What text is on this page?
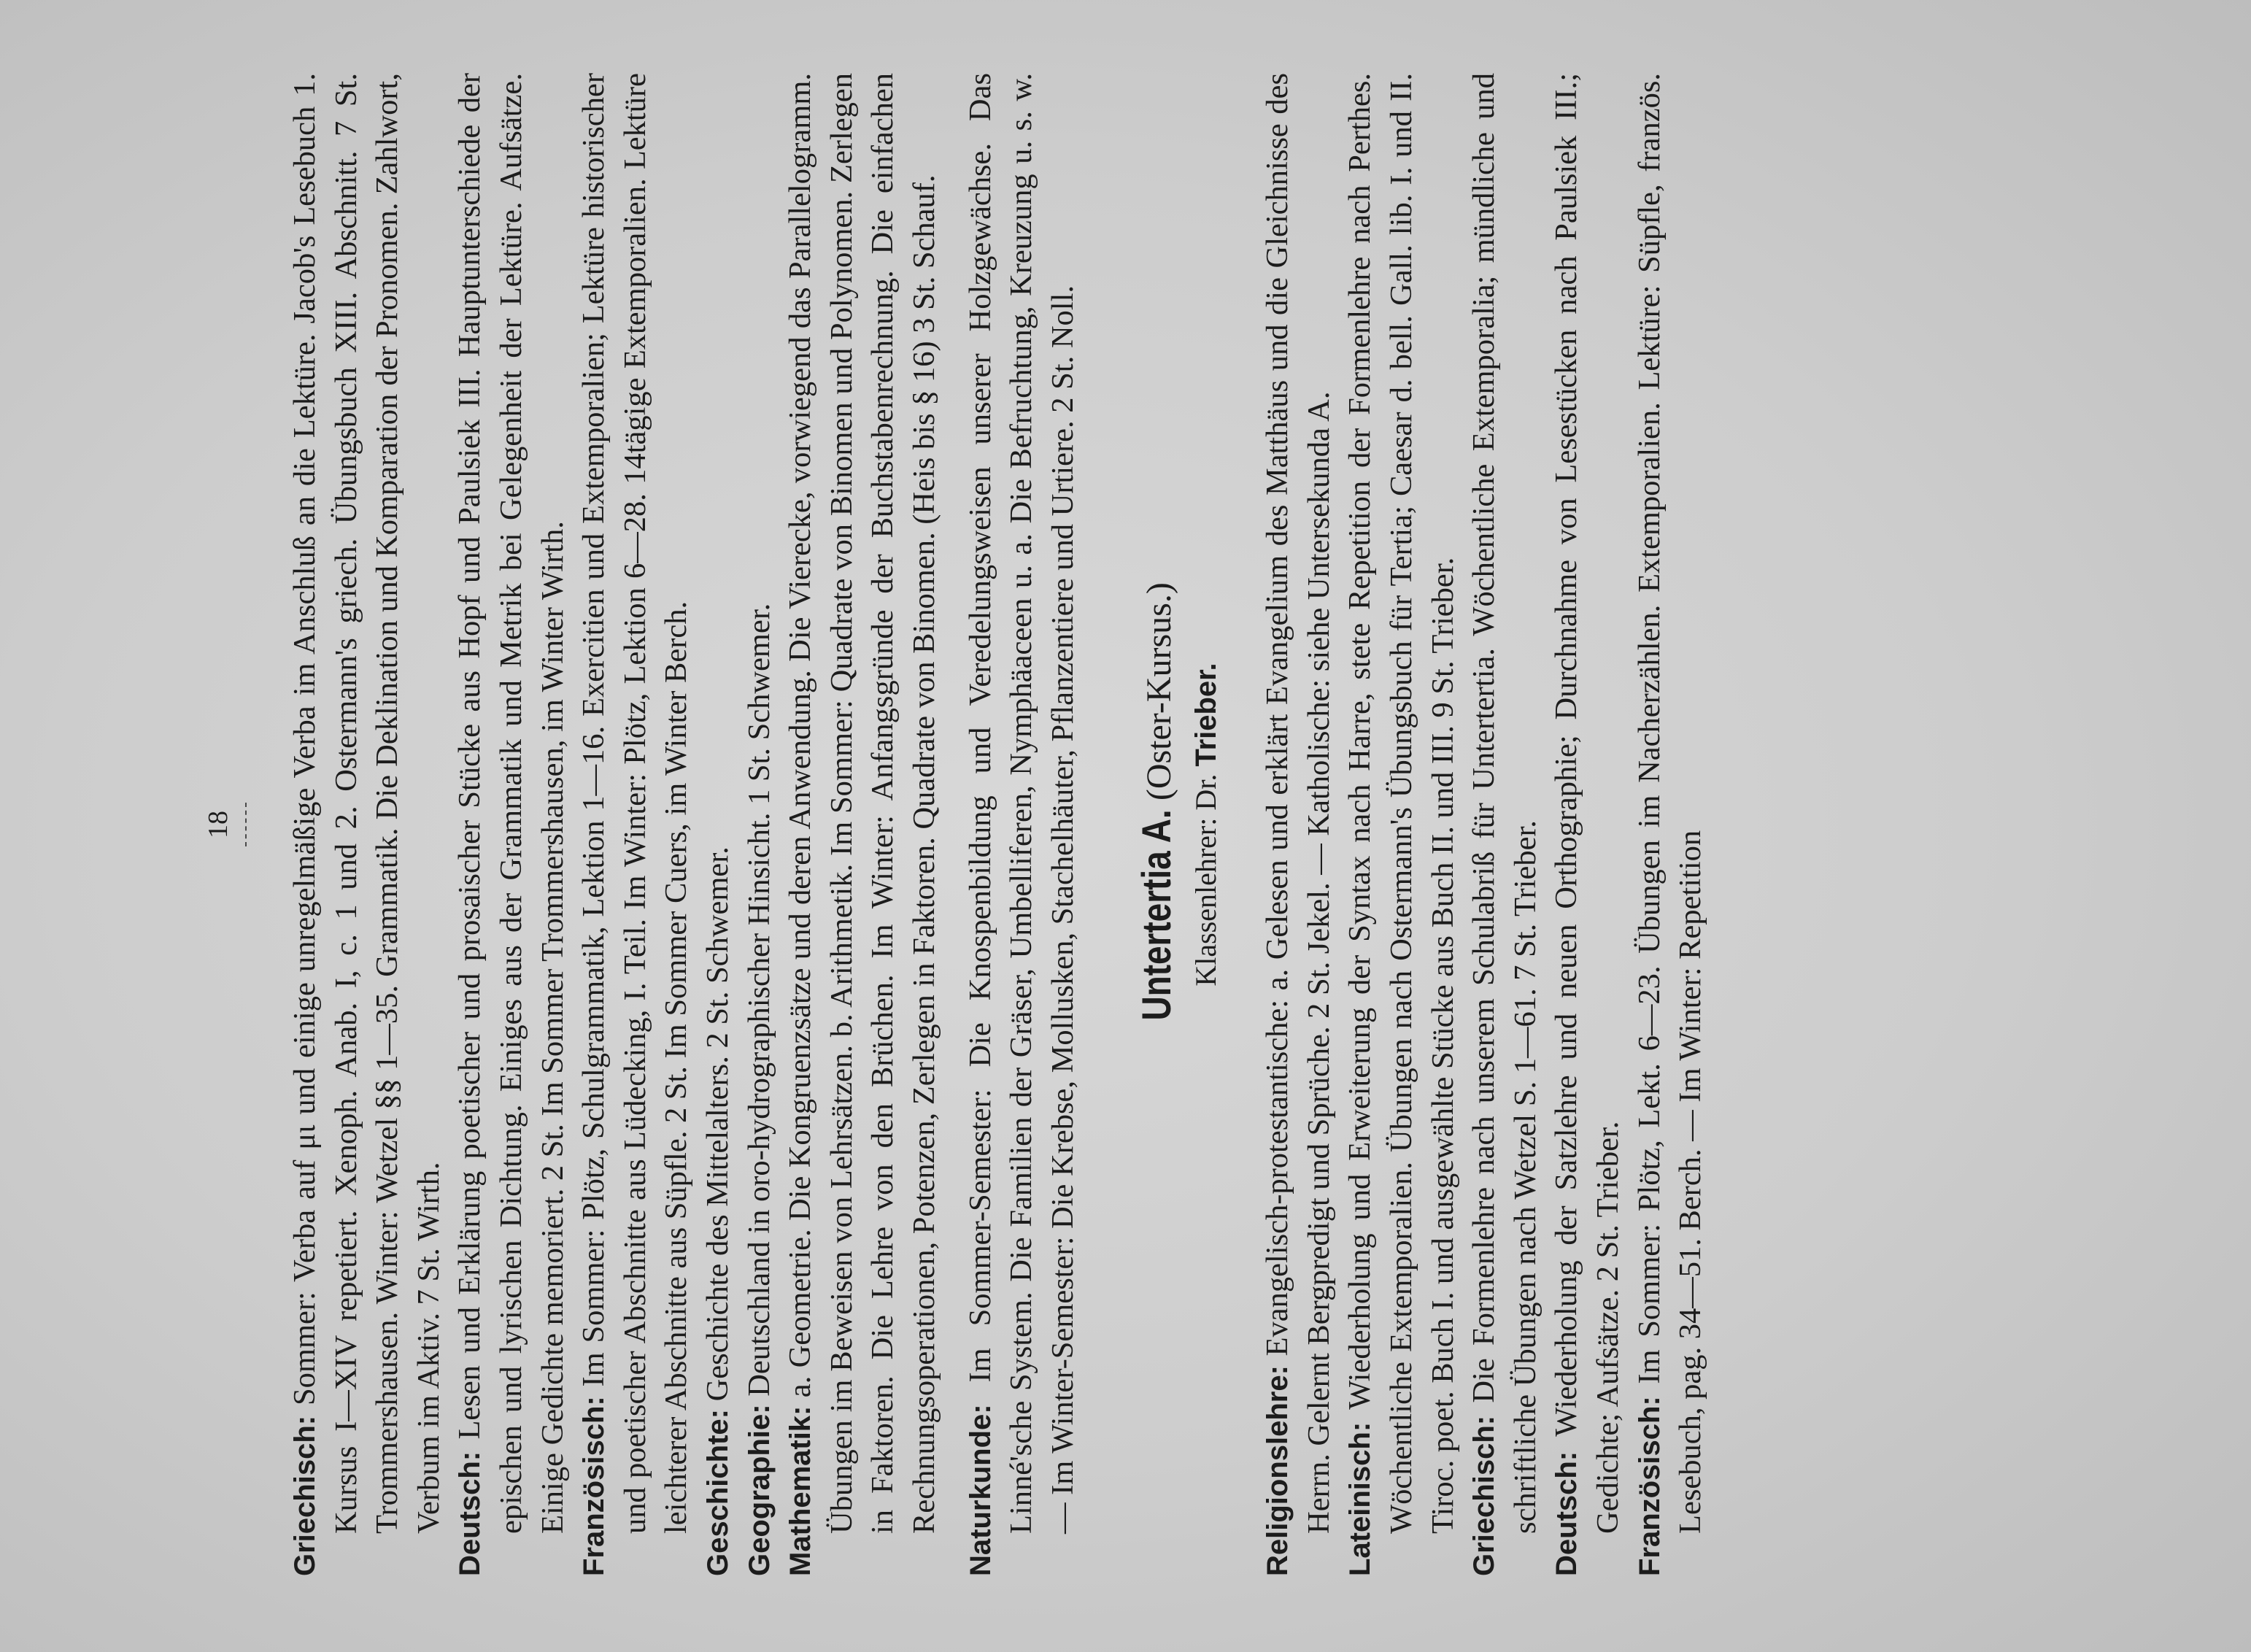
18

Griechisch: Sommer: Verba auf μι und einige unregelmäßige Verba im Anschluß an die Lektüre. Jacob's Lesebuch 1. Kursus I—XIV repetiert. Xenoph. Anab. I, c. 1 und 2. Ostermann's griech. Übungsbuch XIII. Abschnitt. 7 St. Trommershausen. Winter: Wetzel §§ 1—35. Grammatik. Die Deklination und Komparation der Pronomen. Zahlwort, Verbum im Aktiv. 7 St. Wirth. Deutsch: Lesen und Erklärung poetischer und prosaischer Stücke aus Hopf und Paulsiek III. Hauptunterschiede der epischen und lyrischen Dichtung. Einiges aus der Grammatik und Metrik bei Gelegenheit der Lektüre. Aufsätze. Einige Gedichte memoriert. 2 St. Im Sommer Trommershausen, im Winter Wirth. Französisch: Im Sommer: Plötz, Schulgrammatik, Lektion 1—16. Exercitien und Extemporalien; Lektüre historischer und poetischer Abschnitte aus Lüdecking, I. Teil. Im Winter: Plötz, Lektion 6—28. 14tägige Extemporalien. Lektüre leichterer Abschnitte aus Süpfle. 2 St. Im Sommer Cuers, im Winter Berch. Geschichte: Geschichte des Mittelalters. 2 St. Schwemer.

Geographie: Deutschland in oro-hydrographischer Hinsicht. 1 St. Schwemer.

Mathematik: a. Geometrie. Die Kongruenzsätze und deren Anwendung. Die Vierecke, vorwiegend das Parallelogramm. Übungen im Beweisen von Lehrsätzen. b. Arithmetik. Im Sommer: Quadrate von Binomen und Polynomen. Zerlegen in Faktoren. Die Lehre von den Brüchen. Im Winter: Anfangsgründe der Buchstabenrechnung. Die einfachen Rechnungsoperationen, Potenzen, Zerlegen in Faktoren. Quadrate von Binomen. (Heis bis § 16) 3 St. Schauf. Naturkunde: Im Sommer-Semester: Die Knospenbildung und Veredelungsweisen unserer Holzgewächse. Das Linné'sche System. Die Familien der Gräser, Umbelliferen, Nymphäaceen u. a. Die Befruchtung, Kreuzung u. s. w. — Im Winter-Semester: Die Krebse, Mollusken, Stachelhäuter, Pflanzentiere und Urtiere. 2 St. Noll. Untertertia A. (Oster-Kursus.)

Klassenlehrer: Dr. Trieber.

Religionslehre: Evangelisch-protestantische: a. Gelesen und erklärt Evangelium des Matthäus und die Gleichnisse des Herrn. Gelernt Bergpredigt und Sprüche. 2 St. Jekel. — Katholische: siehe Untersekunda A. Lateinisch: Wiederholung und Erweiterung der Syntax nach Harre, stete Repetition der Formenlehre nach Perthes. Wöchentliche Extemporalien. Übungen nach Ostermann's Übungsbuch für Tertia; Caesar d. bell. Gall. lib. I. und II. Tiroc. poet. Buch I. und ausgewählte Stücke aus Buch II. und III. 9 St. Trieber. Griechisch: Die Formenlehre nach unserem Schulabriß für Untertertia. Wöchentliche Extemporalia; mündliche und schriftliche Übungen nach Wetzel S. 1—61. 7 St. Trieber. Deutsch: Wiederholung der Satzlehre und neuen Orthographie; Durchnahme von Lesestücken nach Paulsiek III.; Gedichte; Aufsätze. 2 St. Trieber. Französisch: Im Sommer: Plötz, Lekt. 6—23. Übungen im Nacherzählen. Extemporalien. Lektüre: Süpfle, französ. Lesebuch, pag. 34—51. Berch. — Im Winter: Repetition
